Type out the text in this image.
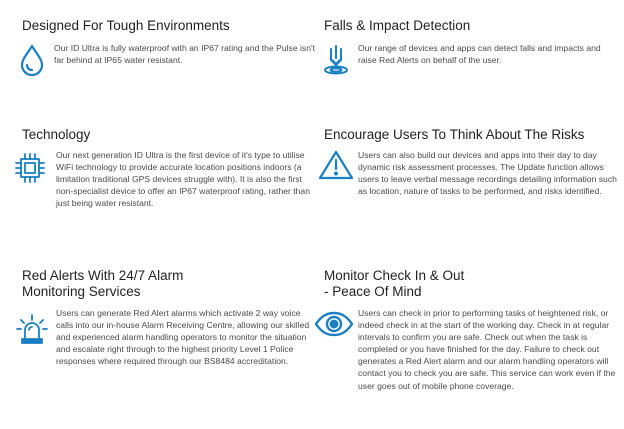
Designed For Tough Environments

Our ID Ultra is fully waterproof with an IP67 rating and the Pulse isn't far behind at IP65 water resistant.

Falls & Impact Detection

Our range of devices and apps can detect falls and impacts and raise Red Alerts on behalf of the user.

Technology

Our next generation ID Ultra is the first device of it's type to utilise WiFi technology to provide accurate location positions indoors (a limitation traditional GPS devices struggle with). It is also the first non-specialist device to offer an IP67 waterproof rating, rather than just being water resistant.

Encourage Users To Think About The Risks

Users can also build our devices and apps into their day to day dynamic risk assessment processes. The Update function allows users to leave verbal message recordings detailing information such as location, nature of tasks to be performed, and risks identified.

Red Alerts With 24/7 Alarm
Monitoring Services

Users can generate Red Alert alarms which activate 2 way voice calls into our in-house Alarm Receiving Centre, allowing our skilled and experienced alarm handling operators to monitor the situation and escalate right through to the highest priority Level 1 Police responses where required through our BS8484 accreditation.

Monitor Check In & Out
- Peace Of Mind

Users can check in prior to performing tasks of heightened risk, or indeed check in at the start of the working day. Check in at regular intervals to confirm you are safe. Check out when the task is completed or you have finished for the day. Failure to check out generates a Red Alert alarm and our alarm handling operators will contact you to check you are safe. This service can work even if the user goes out of mobile phone coverage.
